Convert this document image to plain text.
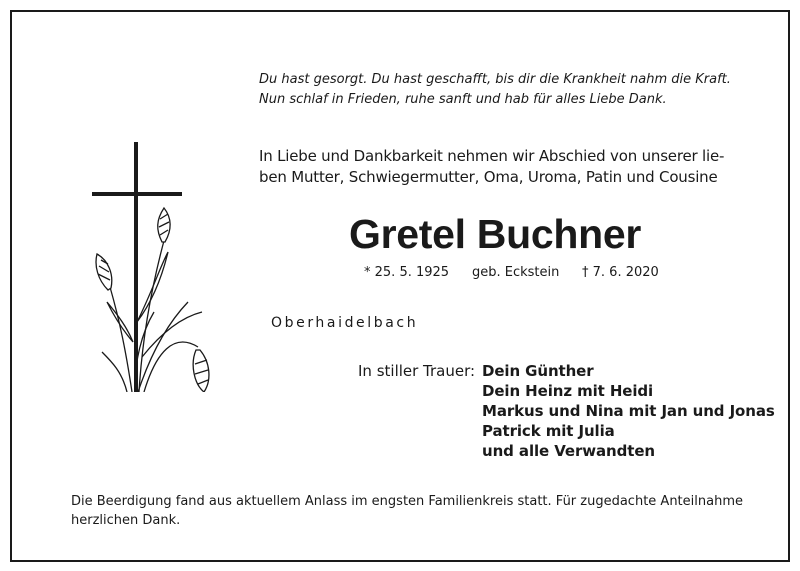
Du hast gesorgt. Du hast geschafft, bis dir die Krankheit nahm die Kraft.
Nun schlaf in Frieden, ruhe sanft und hab für alles Liebe Dank.
In Liebe und Dankbarkeit nehmen wir Abschied von unserer lie-
ben Mutter, Schwiegermutter, Oma, Uroma, Patin und Cousine
Gretel Buchner
* 25. 5. 1925 geb. Eckstein † 7. 6. 2020
Oberhaidelbach
In stiller Trauer: Dein Günther
Dein Heinz mit Heidi
Markus und Nina mit Jan und Jonas
Patrick mit Julia
und alle Verwandten
Die Beerdigung fand aus aktuellem Anlass im engsten Familienkreis statt. Für zugedachte Anteilnahme
herzlichen Dank.
